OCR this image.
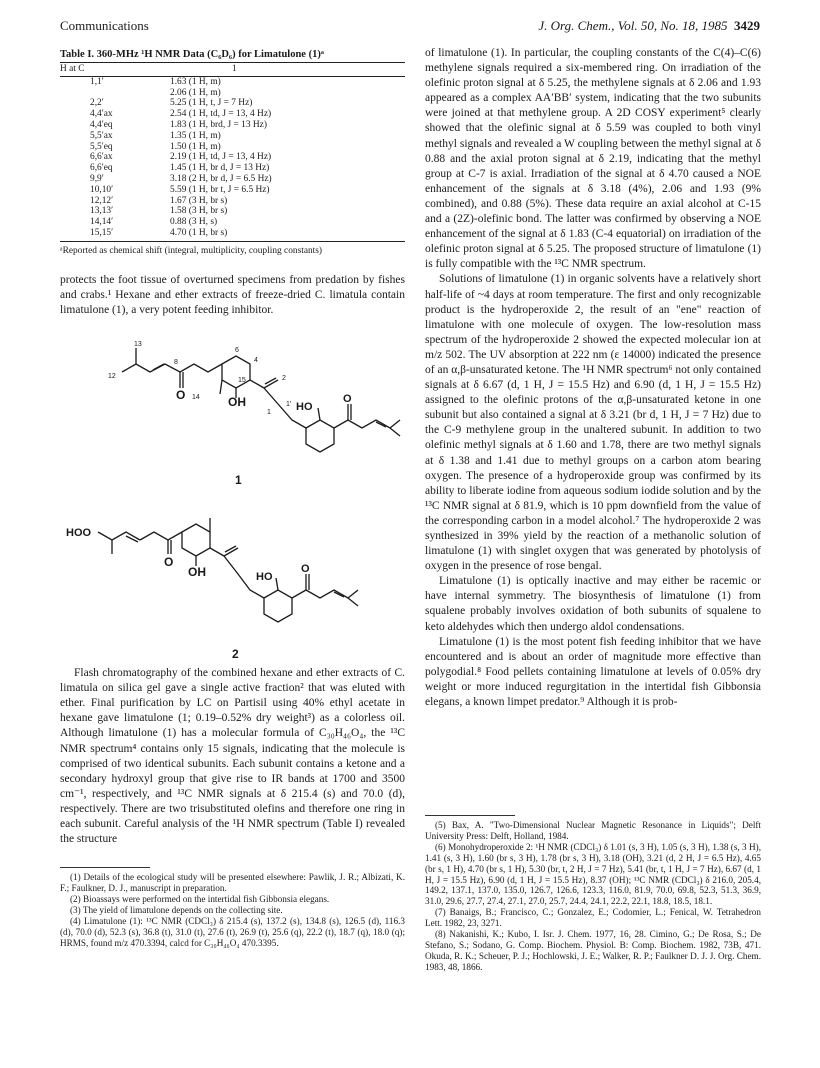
Communications	J. Org. Chem., Vol. 50, No. 18, 1985 3429

Table I. 360-MHz ¹H NMR Data (C₆D₆) for Limatulone (1)ᵃ

H at C	1
1,1′	1.63 (1 H, m)
	2.06 (1 H, m)
2,2′	5.25 (1 H, t, J = 7 Hz)
4,4′ax	2.54 (1 H, td, J = 13, 4 Hz)
4,4′eq	1.83 (1 H, brd, J = 13 Hz)
5,5′ax	1.35 (1 H, m)
5,5′eq	1.50 (1 H, m)
6,6′ax	2.19 (1 H, td, J = 13, 4 Hz)
6,6′eq	1.45 (1 H, br d, J = 13 Hz)
9,9′	3.18 (2 H, br d, J = 6.5 Hz)
10,10′	5.59 (1 H, br t, J = 6.5 Hz)
12,12′	1.67 (3 H, br s)
13,13′	1.58 (3 H, br s)
14,14′	0.88 (3 H, s)
15,15′	4.70 (1 H, br s)

ᵃReported as chemical shift (integral, multiplicity, coupling constants)

protects the foot tissue of overturned specimens from predation by fishes and crabs.¹ Hexane and ether extracts of freeze-dried C. limatula contain limatulone (1), a very potent feeding inhibitor.

13
8
6
4
12
15	2
O 14 OH
1
1′ HO
O
1
HOO
O
OH	HO
O
2

Flash chromatography of the combined hexane and ether extracts of C. limatula on silica gel gave a single active fraction² that was eluted with ether. Final purification by LC on Partisil using 40% ethyl acetate in hexane gave limatulone (1; 0.19–0.52% dry weight³) as a colorless oil. Although limatulone (1) has a molecular formula of C₃₀H₄₆O₄, the ¹³C NMR spectrum⁴ contains only 15 signals, indicating that the molecule is comprised of two identical subunits. Each subunit contains a ketone and a secondary hydroxyl group that give rise to IR bands at 1700 and 3500 cm⁻¹, respectively, and ¹³C NMR signals at δ 215.4 (s) and 70.0 (d), respectively. There are two trisubstituted olefins and therefore one ring in each subunit. Careful analysis of the ¹H NMR spectrum (Table I) revealed the structure

(1) Details of the ecological study will be presented elsewhere: Pawlik, J. R.; Albizati, K. F.; Faulkner, D. J., manuscript in preparation.

(2) Bioassays were performed on the intertidal fish Gibbonsia elegans.

(3) The yield of limatulone depends on the collecting site.

(4) Limatulone (1): ¹³C NMR (CDCl₃) δ 215.4 (s), 137.2 (s), 134.8 (s), 126.5 (d), 116.3 (d), 70.0 (d), 52.3 (s), 36.8 (t), 31.0 (t), 27.6 (t), 26.9 (t), 25.6 (q), 22.2 (t), 18.7 (q), 18.0 (q); HRMS, found m/z 470.3394, calcd for C₃₀H₄₆O₄ 470.3395.

of limatulone (1). In particular, the coupling constants of the C(4)–C(6) methylene signals required a six-membered ring. On irradiation of the olefinic proton signal at δ 5.25, the methylene signals at δ 2.06 and 1.93 appeared as a complex AA′BB′ system, indicating that the two subunits were joined at that methylene group. A 2D COSY experiment⁵ clearly showed that the olefinic signal at δ 5.59 was coupled to both vinyl methyl signals and revealed a W coupling between the methyl signal at δ 0.88 and the axial proton signal at δ 2.19, indicating that the methyl group at C-7 is axial. Irradiation of the signal at δ 4.70 caused a NOE enhancement of the signals at δ 3.18 (4%), 2.06 and 1.93 (9% combined), and 0.88 (5%). These data require an axial alcohol at C-15 and a (2Z)-olefinic bond. The latter was confirmed by observing a NOE enhancement of the signal at δ 1.83 (C-4 equatorial) on irradiation of the olefinic proton signal at δ 5.25. The proposed structure of limatulone (1) is fully compatible with the ¹³C NMR spectrum.

Solutions of limatulone (1) in organic solvents have a relatively short half-life of ~4 days at room temperature. The first and only recognizable product is the hydroperoxide 2, the result of an "ene" reaction of limatulone with one molecule of oxygen. The low-resolution mass spectrum of the hydroperoxide 2 showed the expected molecular ion at m/z 502. The UV absorption at 222 nm (ε 14000) indicated the presence of an α,β-unsaturated ketone. The ¹H NMR spectrum⁶ not only contained signals at δ 6.67 (d, 1 H, J = 15.5 Hz) and 6.90 (d, 1 H, J = 15.5 Hz) assigned to the olefinic protons of the α,β-unsaturated ketone in one subunit but also contained a signal at δ 3.21 (br d, 1 H, J = 7 Hz) due to the C-9 methylene group in the unaltered subunit. In addition to two olefinic methyl signals at δ 1.60 and 1.78, there are two methyl signals at δ 1.38 and 1.41 due to methyl groups on a carbon atom bearing oxygen. The presence of a hydroperoxide group was confirmed by its ability to liberate iodine from aqueous sodium iodide solution and by the ¹³C NMR signal at δ 81.9, which is 10 ppm downfield from the value of the corresponding carbon in a model alcohol.⁷ The hydroperoxide 2 was synthesized in 39% yield by the reaction of a methanolic solution of limatulone (1) with singlet oxygen that was generated by photolysis of oxygen in the presence of rose bengal.

Limatulone (1) is optically inactive and may either be racemic or have internal symmetry. The biosynthesis of limatulone (1) from squalene probably involves oxidation of both subunits of squalene to keto aldehydes which then undergo aldol condensations.

Limatulone (1) is the most potent fish feeding inhibitor that we have encountered and is about an order of magnitude more effective than polygodial.⁸ Food pellets containing limatulone at levels of 0.05% dry weight or more induced regurgitation in the intertidal fish Gibbonsia elegans, a known limpet predator.⁹ Although it is prob-

(5) Bax, A. "Two-Dimensional Nuclear Magnetic Resonance in Liquids"; Delft University Press: Delft, Holland, 1984.

(6) Monohydroperoxide 2: ¹H NMR (CDCl₃) δ 1.01 (s, 3 H), 1.05 (s, 3 H), 1.38 (s, 3 H), 1.41 (s, 3 H), 1.60 (br s, 3 H), 1.78 (br s, 3 H), 3.18 (OH), 3.21 (d, 2 H, J = 6.5 Hz), 4.65 (br s, 1 H), 4.70 (br s, 1 H), 5.30 (br, t, 2 H, J = 7 Hz), 5.41 (br, t, 1 H, J = 7 Hz), 6.67 (d, 1 H, J = 15.5 Hz), 6.90 (d, 1 H, J = 15.5 Hz), 8.37 (OH); ¹³C NMR (CDCl₃) δ 216.0, 205.4, 149.2, 137.1, 137.0, 135.0, 126.7, 126.6, 123.3, 116.0, 81.9, 70.0, 69.8, 52.3, 51.3, 36.9, 31.0, 29.6, 27.7, 27.4, 27.1, 27.0, 25.7, 24.4, 24.1, 22.2, 22.1, 18.8, 18.5, 18.1.

(7) Banaigs, B.; Francisco, C.; Gonzalez, E.; Codomier, L.; Fenical, W. Tetrahedron Lett. 1982, 23, 3271.

(8) Nakanishi, K.; Kubo, I. Isr. J. Chem. 1977, 16, 28. Cimino, G.; De Rosa, S.; De Stefano, S.; Sodano, G. Comp. Biochem. Physiol. B: Comp. Biochem. 1982, 73B, 471. Okuda, R. K.; Scheuer, P. J.; Hochlowski, J. E.; Walker, R. P.; Faulkner D. J. J. Org. Chem. 1983, 48, 1866.
